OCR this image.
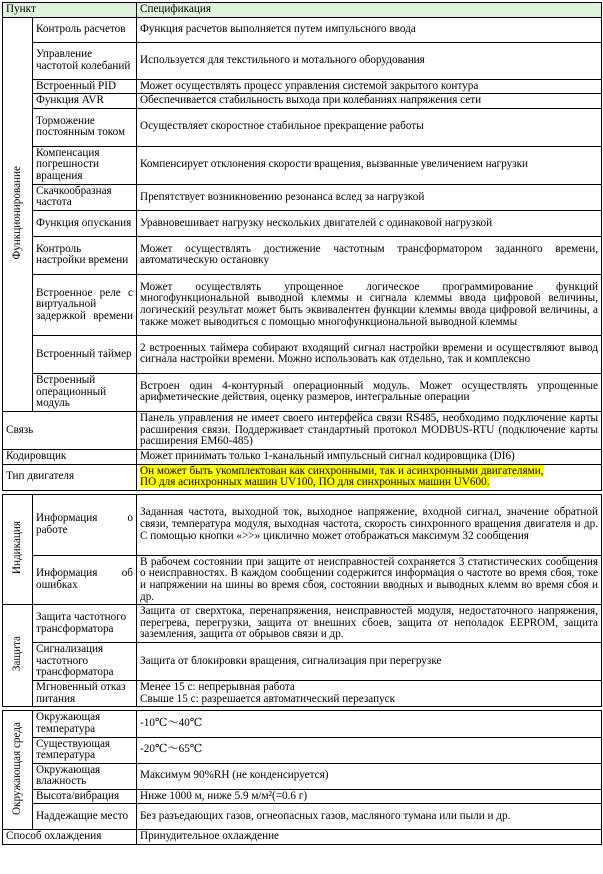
Пункт		Спецификация
Функционирование	Контроль расчетов	Функция расчетов выполняется путем импульсного ввода
	Управление частотой колебаний	Используется для текстильного и мотального оборудования
	Встроенный PID	Может осуществлять процесс управления системой закрытого контура
	Функция AVR	Обеспечивается стабильность выхода при колебаниях напряжения сети
	Торможение постоянным током	Осуществляет скоростное стабильное прекращение работы
	Компенсация погрешности вращения	Компенсирует отклонения скорости вращения, вызванные увеличением нагрузки
	Скачкообразная частота	Препятствует возникновению резонанса вслед за нагрузкой
	Функция опускания	Уравновешивает нагрузку нескольких двигателей с одинаковой нагрузкой
	Контроль настройки времени	Может осуществлять достижение частотным трансформатором заданного времени, автоматическую остановку
	Встроенное реле с виртуальной задержкой времени	Может осуществлять упрощенное логическое программирование функций многофункциональной выводной клеммы и сигнала клеммы ввода цифровой величины, логический результат может быть эквивалентен функции клеммы ввода цифровой величины, а также может выводиться с помощью многофункциональной выводной клеммы
	Встроенный таймер	2 встроенных таймера собирают входящий сигнал настройки времени и осуществляют вывод сигнала настройки времени. Можно использовать как отдельно, так и комплексно
	Встроенный операционный модуль	Встроен один 4-контурный операционный модуль. Может осуществлять упрощенные арифметические действия, оценку размеров, интегральные операции
Связь		Панель управления не имеет своего интерфейса связи RS485, необходимо подключение карты расширения связи. Поддерживает стандартный протокол MODBUS-RTU (подключение карты расширения EM60-485)
Кодировщик		Может принимать только 1-канальный импульсный сигнал кодировщика (DI6)
Тип двигателя		Он может быть укомплектован как синхронными, так и асинхронными двигателями,
ПО для асинхронных машин UV100, ПО для синхронных машин UV600.

Индикация	Информация о работе	Заданная частота, выходной ток, выходное напряжение, входной сигнал, значение обратной связи, температура модуля, выходная частота, скорость синхронного вращения двигателя и др. С помощью кнопки «>>» циклично может отображаться максимум 32 сообщения
	Информация об ошибках	В рабочем состоянии при защите от неисправностей сохраняется 3 статистических сообщения о неисправностях. В каждом сообщении содержится информация о частоте во время сбоя, токе и напряжении на шины во время сбоя, состоянии вводных и выводных клемм во время сбоя и др.
Защита	Защита частотного трансформатора	Защита от сверхтока, перенапряжения, неисправностей модуля, недостаточного напряжения, перегрева, перегрузки, защита от внешних сбоев, защита от неполадок EEPROM, защита заземления, защита от обрывов связи и др.
	Сигнализация частотного трансформатора	Защита от блокировки вращения, сигнализация при перегрузке
	Мгновенный отказ питания	Менее 15 с: непрерывная работа
Свыше 15 с: разрешается автоматический перезапуск

Окружающая среда	Окружающая температура	-10℃～40℃
	Существующая температура	-20℃～65℃
	Окружающая влажность	Максимум 90%RH (не конденсируется)
	Высота/вибрация	Ниже 1000 м, ниже 5.9 м/м²(=0.6 г)
	Наддежащие место	Без разъедающих газов, огнеопасных газов, масляного тумана или пыли и др.
Способ охлаждения		Принудительное охлаждение
